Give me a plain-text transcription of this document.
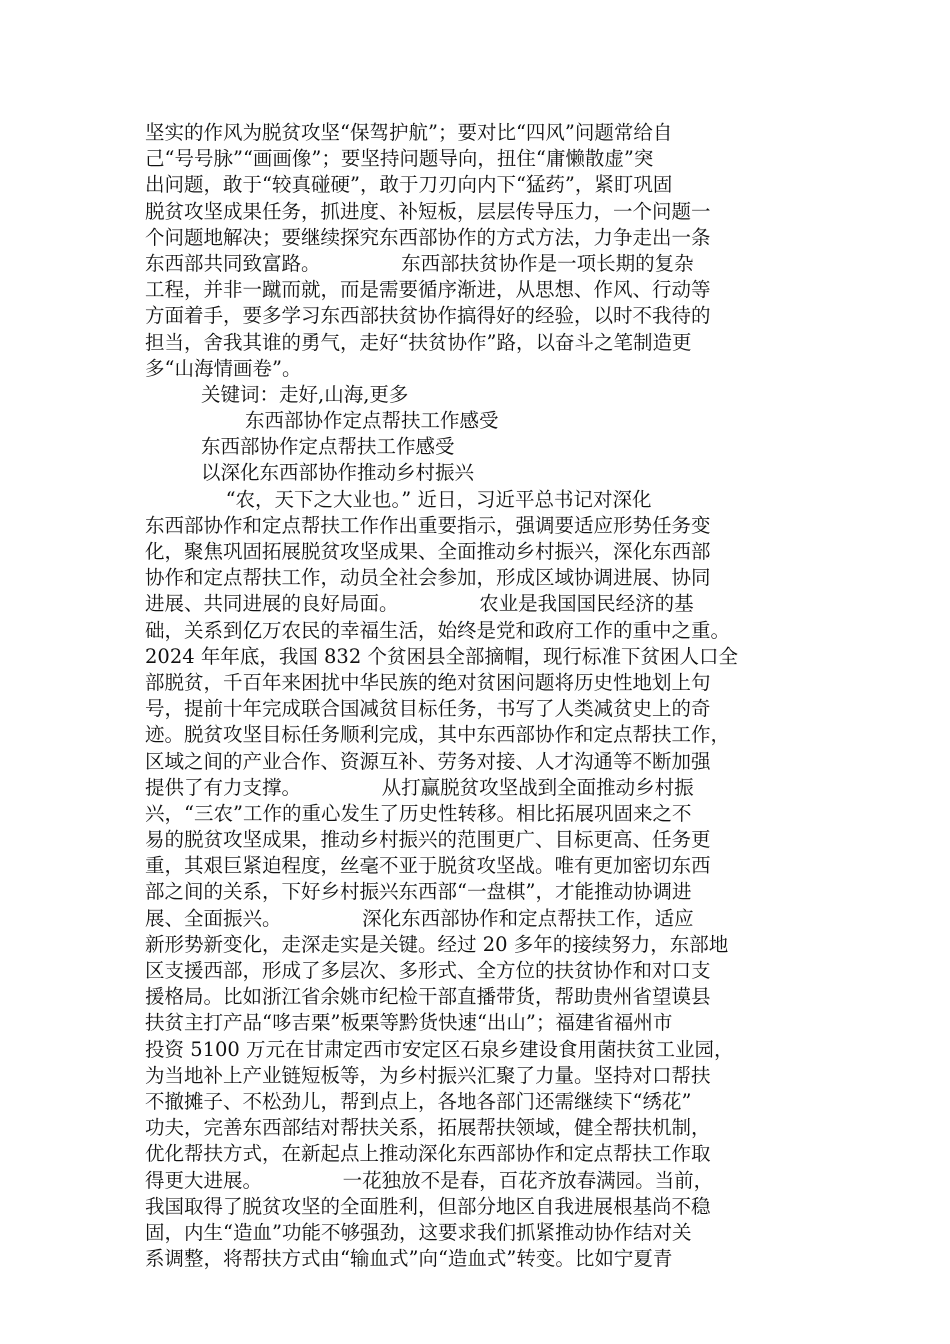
坚实的作风为脱贫攻坚“保驾护航”；要对比“四风”问题常给自
己“号号脉”“画画像”；要坚持问题导向，扭住“庸懒散虚”突
出问题，敢于“较真碰硬”，敢于刀刃向内下“猛药”，紧盯巩固
脱贫攻坚成果任务，抓进度、补短板，层层传导压力，一个问题一
个问题地解决；要继续探究东西部协作的方式方法，力争走出一条
东西部共同致富路。             东西部扶贫协作是一项长期的复杂
工程，并非一蹴而就，而是需要循序渐进，从思想、作风、行动等
方面着手，要多学习东西部扶贫协作搞得好的经验，以时不我待的
担当，舍我其谁的勇气，走好“扶贫协作”路，以奋斗之笔制造更
多“山海情画卷”。
关键词：走好,山海,更多
东西部协作定点帮扶工作感受
东西部协作定点帮扶工作感受
以深化东西部协作推动乡村振兴
“农，天下之大业也。” 近日，习近平总书记对深化
东西部协作和定点帮扶工作作出重要指示，强调要适应形势任务变
化，聚焦巩固拓展脱贫攻坚成果、全面推动乡村振兴，深化东西部
协作和定点帮扶工作，动员全社会参加，形成区域协调进展、协同
进展、共同进展的良好局面。             农业是我国国民经济的基
础，关系到亿万农民的幸福生活，始终是党和政府工作的重中之重。
2024 年年底，我国 832 个贫困县全部摘帽，现行标准下贫困人口全
部脱贫，千百年来困扰中华民族的绝对贫困问题将历史性地划上句
号，提前十年完成联合国减贫目标任务，书写了人类减贫史上的奇
迹。脱贫攻坚目标任务顺利完成，其中东西部协作和定点帮扶工作，
区域之间的产业合作、资源互补、劳务对接、人才沟通等不断加强
提供了有力支撑。             从打赢脱贫攻坚战到全面推动乡村振
兴，“三农”工作的重心发生了历史性转移。相比拓展巩固来之不
易的脱贫攻坚成果，推动乡村振兴的范围更广、目标更高、任务更
重，其艰巨紧迫程度，丝毫不亚于脱贫攻坚战。唯有更加密切东西
部之间的关系，下好乡村振兴东西部“一盘棋”，才能推动协调进
展、全面振兴。             深化东西部协作和定点帮扶工作，适应
新形势新变化，走深走实是关键。经过 20 多年的接续努力，东部地
区支援西部，形成了多层次、多形式、全方位的扶贫协作和对口支
援格局。比如浙江省余姚市纪检干部直播带货，帮助贵州省望谟县
扶贫主打产品“哆吉栗”板栗等黔货快速“出山”；福建省福州市
投资 5100 万元在甘肃定西市安定区石泉乡建设食用菌扶贫工业园，
为当地补上产业链短板等，为乡村振兴汇聚了力量。坚持对口帮扶
不撤摊子、不松劲儿，帮到点上，各地各部门还需继续下“绣花”
功夫，完善东西部结对帮扶关系，拓展帮扶领域，健全帮扶机制，
优化帮扶方式，在新起点上推动深化东西部协作和定点帮扶工作取
得更大进展。             一花独放不是春，百花齐放春满园。当前，
我国取得了脱贫攻坚的全面胜利，但部分地区自我进展根基尚不稳
固，内生“造血”功能不够强劲，这要求我们抓紧推动协作结对关
系调整，将帮扶方式由“输血式”向“造血式”转变。比如宁夏青
